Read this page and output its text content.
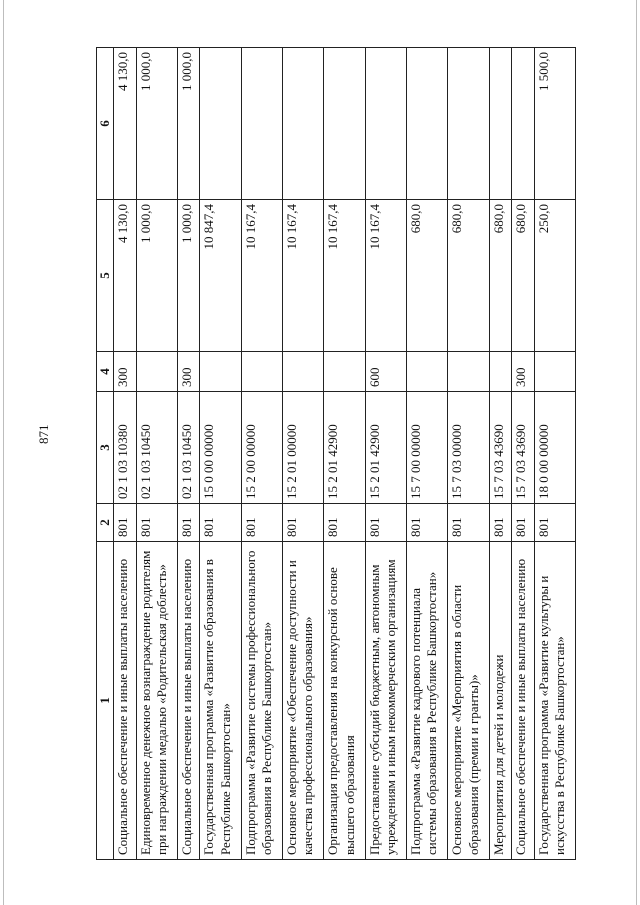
871
1	2	3	4	5	6
Социальное обеспечение и иные выплаты населению	801	02 1 03 10380	300	4 130,0	4 130,0
Единовременное денежное вознаграждение родителям при награждении медалью «Родительская доблесть»	801	02 1 03 10450		1 000,0	1 000,0
Социальное обеспечение и иные выплаты населению	801	02 1 03 10450	300	1 000,0	1 000,0
Государственная программа «Развитие образования в Республике Башкортостан»	801	15 0 00 00000		10 847,4	
Подпрограмма «Развитие системы профессионального образования в Республике Башкортостан»	801	15 2 00 00000		10 167,4	
Основное мероприятие «Обеспечение доступности и качества профессионального образования»	801	15 2 01 00000		10 167,4	
Организация предоставления на конкурсной основе высшего образования	801	15 2 01 42900		10 167,4	
Предоставление субсидий бюджетным, автономным учреждениям и иным некоммерческим организациям	801	15 2 01 42900	600	10 167,4	
Подпрограмма «Развитие кадрового потенциала системы образования в Республике Башкортостан»	801	15 7 00 00000		680,0	
Основное мероприятие «Мероприятия в области образования (премии и гранты)»	801	15 7 03 00000		680,0	
Мероприятия для детей и молодежи	801	15 7 03 43690		680,0	
Социальное обеспечение и иные выплаты населению	801	15 7 03 43690	300	680,0	
Государственная программа «Развитие культуры и искусства в Республике Башкортостан»	801	18 0 00 00000		250,0	1 500,0
